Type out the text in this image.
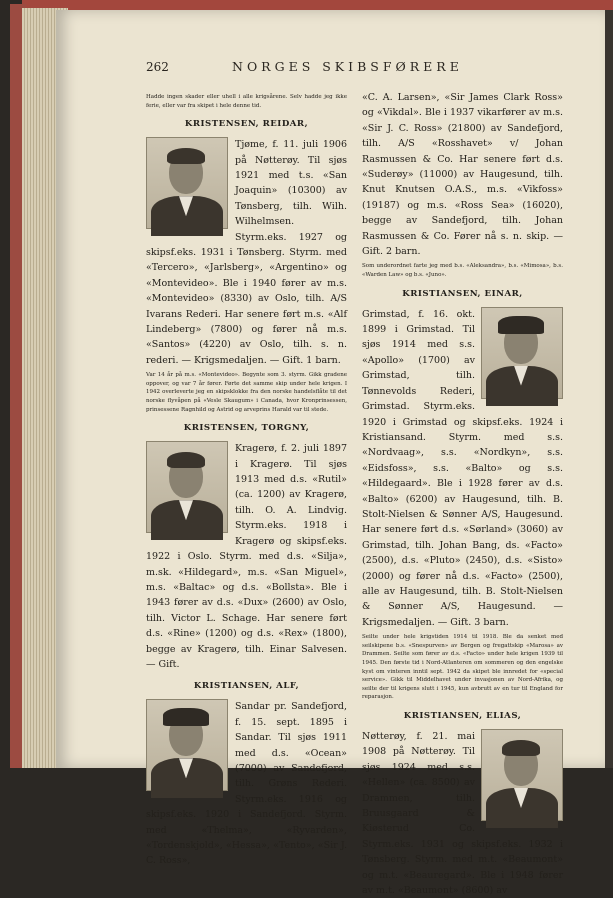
262	NORGES SKIBSFØRERE

Hadde ingen skader eller uhell i alle krigsårene. Selv hadde jeg ikke ferie, eller var fra skipet i hele denne tid.

KRISTENSEN, REIDAR,

Tjøme, f. 11. juli 1906 på Nøtterøy. Til sjøs 1921 med t.s. «San Joaquin» (10300) av Tønsberg, tilh. Wilh. Wilhelmsen. Styrm.eks. 1927 og skipsf.eks. 1931 i Tønsberg. Styrm. med «Tercero», «Jarlsberg», «Argentino» og «Montevideo». Ble i 1940 fører av m.s. «Montevideo» (8330) av Oslo, tilh. A/S Ivarans Rederi. Har senere ført m.s. «Alf Lindeberg» (7800) og fører nå m.s. «Santos» (4220) av Oslo, tilh. s. n. rederi. — Krigsmedaljen. — Gift. 1 barn.

Var 14 år på m.s. «Montevideo». Begynte som 3. styrm. Gikk gradene oppover, og var 7 år fører. Førte det samme skip under hele krigen. I 1942 overleverte jeg en skipsklokke fra den norske handelsflåte til det norske flyvåpen på «Vesle Skaugum» i Canada, hvor Kronprinsessen, prinsessene Ragnhild og Astrid og arveprins Harald var til stede.

KRISTENSEN, TORGNY,

Kragerø, f. 2. juli 1897 i Kragerø. Til sjøs 1913 med d.s. «Rutil» (ca. 1200) av Kragerø, tilh. O. A. Lindvig. Styrm.eks. 1918 i Kragerø og skipsf.eks. 1922 i Oslo. Styrm. med d.s. «Silja», m.sk. «Hildegard», m.s. «San Miguel», m.s. «Baltac» og d.s. «Bollsta». Ble i 1943 fører av d.s. «Dux» (2600) av Oslo, tilh. Victor L. Schage. Har senere ført d.s. «Rine» (1200) og d.s. «Rex» (1800), begge av Kragerø, tilh. Einar Salvesen. — Gift.

KRISTIANSEN, ALF,

Sandar pr. Sandefjord, f. 15. sept. 1895 i Sandar. Til sjøs 1911 med d.s. «Ocean» (7000) av Sandefjord, tilh. Grøns Rederi. Styrm.eks. 1916 og skipsf.eks. 1920 i Sandefjord. Styrm. med «Thelma», «Ryvarden», «Tordenskjold», «Hessa», «Tento», «Sir J. C. Ross»,

«C. A. Larsen», «Sir James Clark Ross» og «Vikdal». Ble i 1937 vikarfører av m.s. «Sir J. C. Ross» (21800) av Sandefjord, tilh. A/S «Rosshavet» v/ Johan Rasmussen & Co. Har senere ført d.s. «Suderøy» (11000) av Haugesund, tilh. Knut Knutsen O.A.S., m.s. «Vikfoss» (19187) og m.s. «Ross Sea» (16020), begge av Sandefjord, tilh. Johan Rasmussen & Co. Fører nå s. n. skip. — Gift. 2 barn.

Som underordnet farte jeg med b.s. «Aleksandra», b.s. «Mimosa», b.s. «Warden Law» og b.s. «Juno».

KRISTIANSEN, EINAR,

Grimstad, f. 16. okt. 1899 i Grimstad. Til sjøs 1914 med s.s. «Apollo» (1700) av Grimstad, tilh. Tønnevolds Rederi, Grimstad. Styrm.eks. 1920 i Grimstad og skipsf.eks. 1924 i Kristiansand. Styrm. med s.s. «Nordvaag», s.s. «Nordkyn», s.s. «Eidsfoss», s.s. «Balto» og s.s. «Hildegaard». Ble i 1928 fører av d.s. «Balto» (6200) av Haugesund, tilh. B. Stolt-Nielsen & Sønner A/S, Haugesund. Har senere ført d.s. «Sørland» (3060) av Grimstad, tilh. Johan Bang, ds. «Facto» (2500), d.s. «Pluto» (2450), d.s. «Sisto» (2000) og fører nå d.s. «Facto» (2500), alle av Haugesund, tilh. B. Stolt-Nielsen & Sønner A/S, Haugesund. — Krigsmedaljen. — Gift. 3 barn.

Seilte under hele krigstiden 1914 til 1918. Ble da senket med seilskipene b.s. «Snespurven» av Bergen og fregattskip «Marosa» av Drammen. Seilte som fører av d.s. «Facto» under hele krigen 1939 til 1945. Den første tid i Nord-Atlanteren om sommeren og den engelske kyst om vinteren inntil sept. 1942 da skipet ble innredet for «special service». Gikk til Middelhavet under invasjonen av Nord-Afrika, og seilte der til krigens slutt i 1945, kun avbrutt av en tur til England for reparasjon.

KRISTIANSEN, ELIAS,

Nøtterøy, f. 21. mai 1908 på Nøtterøy. Til sjøs 1924 med s.s. «Hellen» (ca. 8500) av Drammen, tilh. Bruusgaard & Kiøsterud Co. Styrm.eks. 1931 og skipsf.eks. 1932 i Tønsberg. Styrm. med m.t. «Beaumont» og m.t. «Beauregard». Ble i 1948 fører av m.t. «Beaumont» (8600) av
